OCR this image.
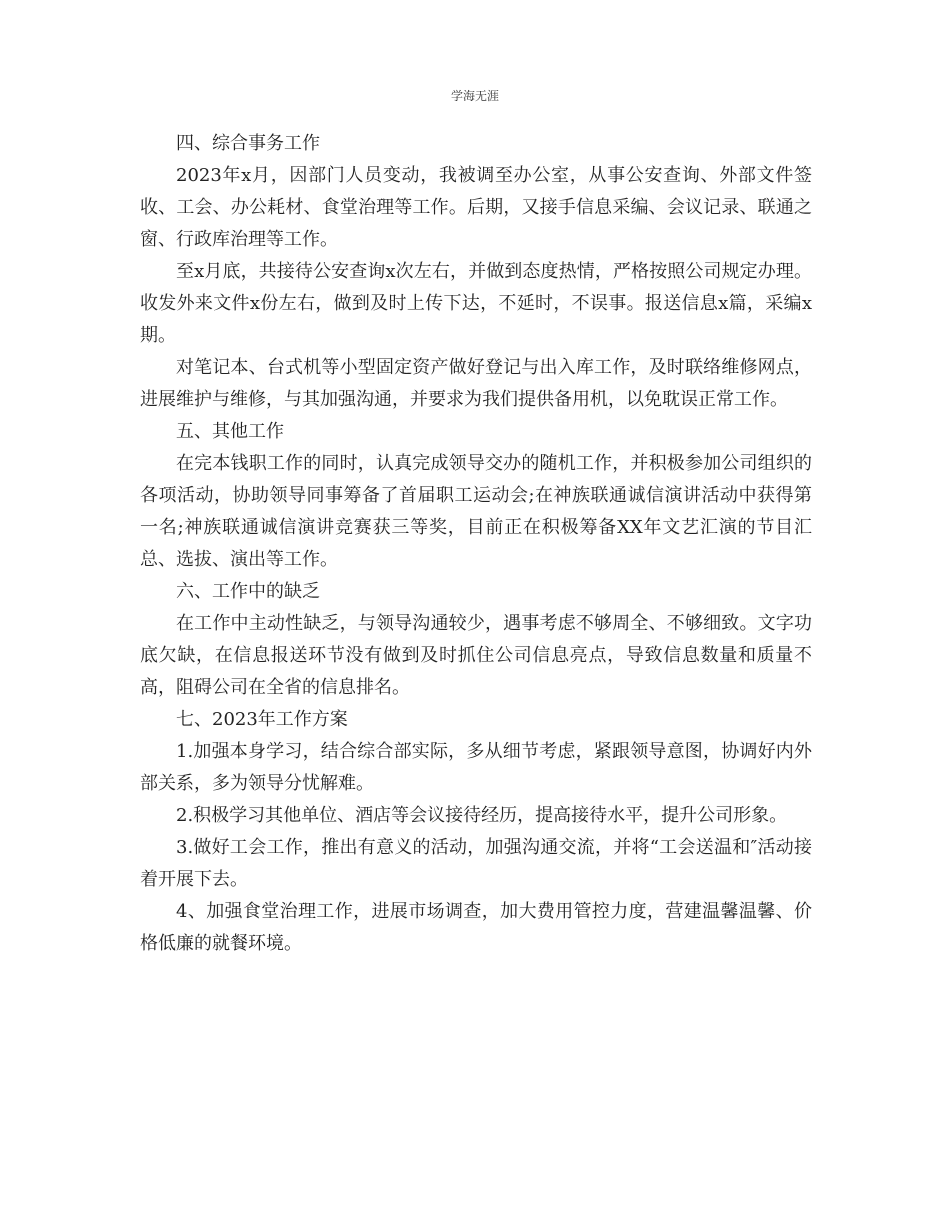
学海无涯

四、综合事务工作

2023年x月，因部门人员变动，我被调至办公室，从事公安查询、外部文件签收、工会、办公耗材、食堂治理等工作。后期，又接手信息采编、会议记录、联通之窗、行政库治理等工作。

至x月底，共接待公安查询x次左右，并做到态度热情，严格按照公司规定办理。收发外来文件x份左右，做到及时上传下达，不延时，不误事。报送信息x篇，采编x期。

对笔记本、台式机等小型固定资产做好登记与出入库工作，及时联络维修网点，进展维护与维修，与其加强沟通，并要求为我们提供备用机，以免耽误正常工作。

五、其他工作

在完本钱职工作的同时，认真完成领导交办的随机工作，并积极参加公司组织的各项活动，协助领导同事筹备了首届职工运动会;在神族联通诚信演讲活动中获得第一名;神族联通诚信演讲竞赛获三等奖，目前正在积极筹备XX年文艺汇演的节目汇总、选拔、演出等工作。

六、工作中的缺乏

在工作中主动性缺乏，与领导沟通较少，遇事考虑不够周全、不够细致。文字功底欠缺，在信息报送环节没有做到及时抓住公司信息亮点，导致信息数量和质量不高，阻碍公司在全省的信息排名。

七、2023年工作方案

1.加强本身学习，结合综合部实际，多从细节考虑，紧跟领导意图，协调好内外部关系，多为领导分忧解难。

2.积极学习其他单位、酒店等会议接待经历，提高接待水平，提升公司形象。

3.做好工会工作，推出有意义的活动，加强沟通交流，并将“工会送温和″活动接着开展下去。

4、加强食堂治理工作，进展市场调查，加大费用管控力度，营建温馨温馨、价格低廉的就餐环境。
